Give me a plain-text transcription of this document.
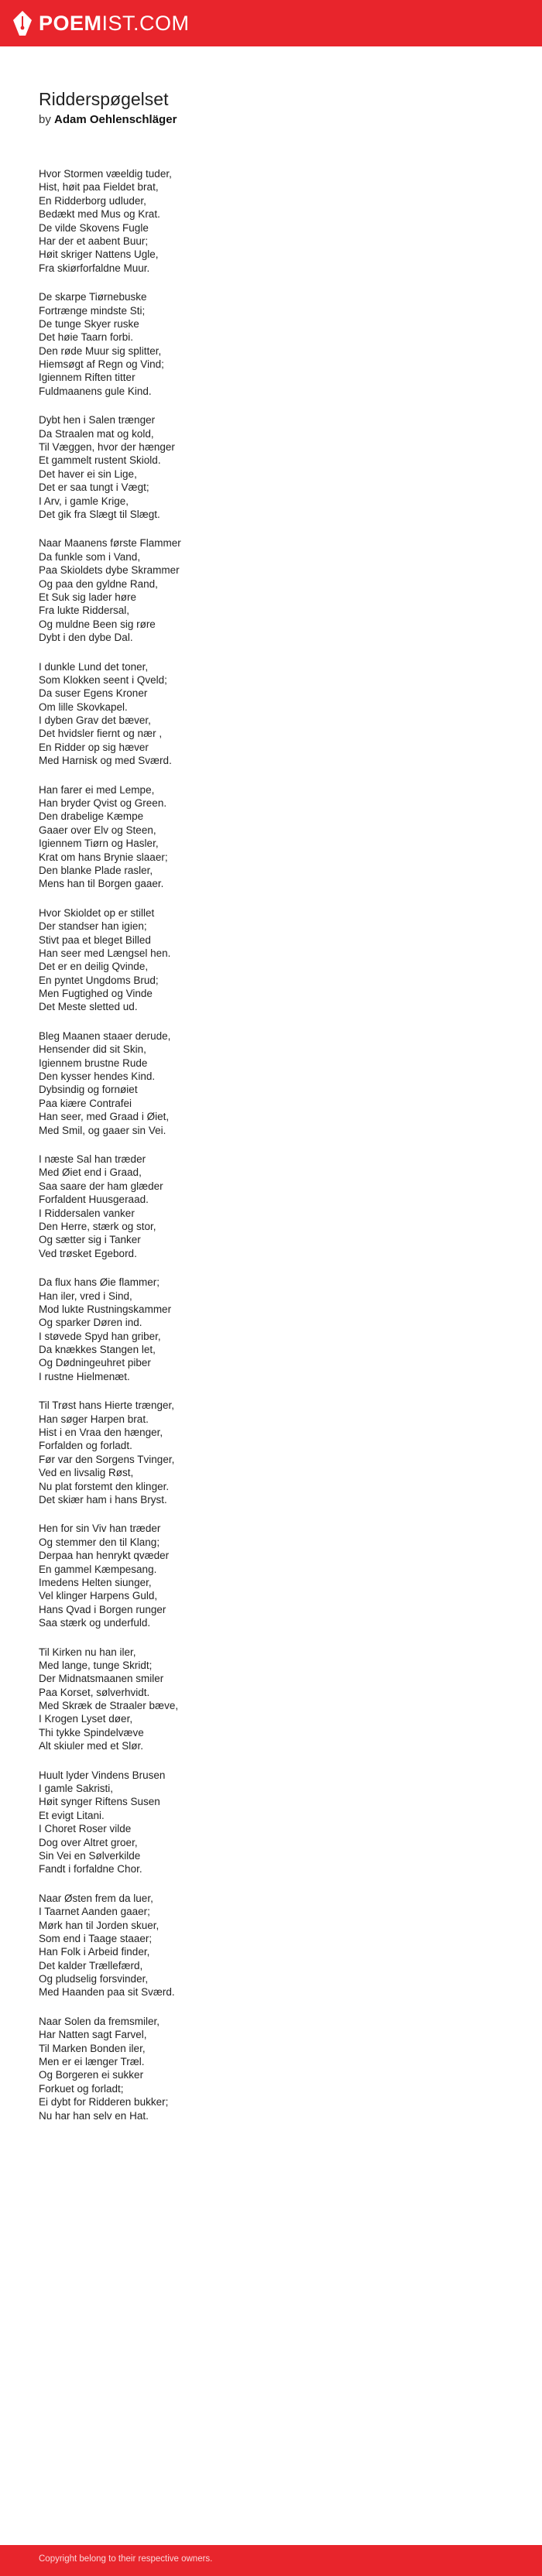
POEMIST.COM
Ridderspøgelset
by Adam Oehlenschläger
Hvor Stormen væeldig tuder,
Hist, høit paa Fieldet brat,
En Ridderborg udluder,
Bedækt med Mus og Krat.
De vilde Skovens Fugle
Har der et aabent Buur;
Høit skriger Nattens Ugle,
Fra skiørforfaldne Muur.
De skarpe Tiørnebuske
Fortrænge mindste Sti;
De tunge Skyer ruske
Det høie Taarn forbi.
Den røde Muur sig splitter,
Hiemsøgt af Regn og Vind;
Igiennem Riften titter
Fuldmaanens gule Kind.
Dybt hen i Salen trænger
Da Straalen mat og kold,
Til Væggen, hvor der hænger
Et gammelt rustent Skiold.
Det haver ei sin Lige,
Det er saa tungt i Vægt;
I Arv, i gamle Krige,
Det gik fra Slægt til Slægt.
Naar Maanens første Flammer
Da funkle som i Vand,
Paa Skioldets dybe Skrammer
Og paa den gyldne Rand,
Et Suk sig lader høre
Fra lukte Riddersal,
Og muldne Been sig røre
Dybt i den dybe Dal.
I dunkle Lund det toner,
Som Klokken seent i Qveld;
Da suser Egens Kroner
Om lille Skovkapel.
I dyben Grav det bæver,
Det hvidsler fiernt og nær ,
En Ridder op sig hæver
Med Harnisk og med Sværd.
Han farer ei med Lempe,
Han bryder Qvist og Green.
Den drabelige Kæmpe
Gaaer over Elv og Steen,
Igiennem Tiørn og Hasler,
Krat om hans Brynie slaaer;
Den blanke Plade rasler,
Mens han til Borgen gaaer.
Hvor Skioldet op er stillet
Der standser han igien;
Stivt paa et bleget Billed
Han seer med Længsel hen.
Det er en deilig Qvinde,
En pyntet Ungdoms Brud;
Men Fugtighed og Vinde
Det Meste sletted ud.
Bleg Maanen staaer derude,
Hensender did sit Skin,
Igiennem brustne Rude
Den kysser hendes Kind.
Dybsindig og fornøiet
Paa kiære Contrafei
Han seer, med Graad i Øiet,
Med Smil, og gaaer sin Vei.
I næste Sal han træder
Med Øiet end i Graad,
Saa saare der ham glæder
Forfaldent Huusgeraad.
I Riddersalen vanker
Den Herre, stærk og stor,
Og sætter sig i Tanker
Ved trøsket Egebord.
Da flux hans Øie flammer;
Han iler, vred i Sind,
Mod lukte Rustningskammer
Og sparker Døren ind.
I støvede Spyd han griber,
Da knækkes Stangen let,
Og Dødningeuhret piber
I rustne Hielmenæt.
Til Trøst hans Hierte trænger,
Han søger Harpen brat.
Hist i en Vraa den hænger,
Forfalden og forladt.
Før var den Sorgens Tvinger,
Ved en livsalig Røst,
Nu plat forstemt den klinger.
Det skiær ham i hans Bryst.
Hen for sin Viv han træder
Og stemmer den til Klang;
Derpaa han henrykt qvæder
En gammel Kæmpesang.
Imedens Helten siunger,
Vel klinger Harpens Guld,
Hans Qvad i Borgen runger
Saa stærk og underfuld.
Til Kirken nu han iler,
Med lange, tunge Skridt;
Der Midnatsmaanen smiler
Paa Korset, sølverhvidt.
Med Skræk de Straaler bæve,
I Krogen Lyset døer,
Thi tykke Spindelvæve
Alt skiuler med et Slør.
Huult lyder Vindens Brusen
I gamle Sakristi,
Høit synger Riftens Susen
Et evigt Litani.
I Choret Roser vilde
Dog over Altret groer,
Sin Vei en Sølverkilde
Fandt i forfaldne Chor.
Naar Østen frem da luer,
I Taarnet Aanden gaaer;
Mørk han til Jorden skuer,
Som end i Taage staaer;
Han Folk i Arbeid finder,
Det kalder Trællefærd,
Og pludselig forsvinder,
Med Haanden paa sit Sværd.
Naar Solen da fremsmiler,
Har Natten sagt Farvel,
Til Marken Bonden iler,
Men er ei længer Træl.
Og Borgeren ei sukker
Forkuet og forladt;
Ei dybt for Ridderen bukker;
Nu har han selv en Hat.
Copyright belong to their respective owners.
